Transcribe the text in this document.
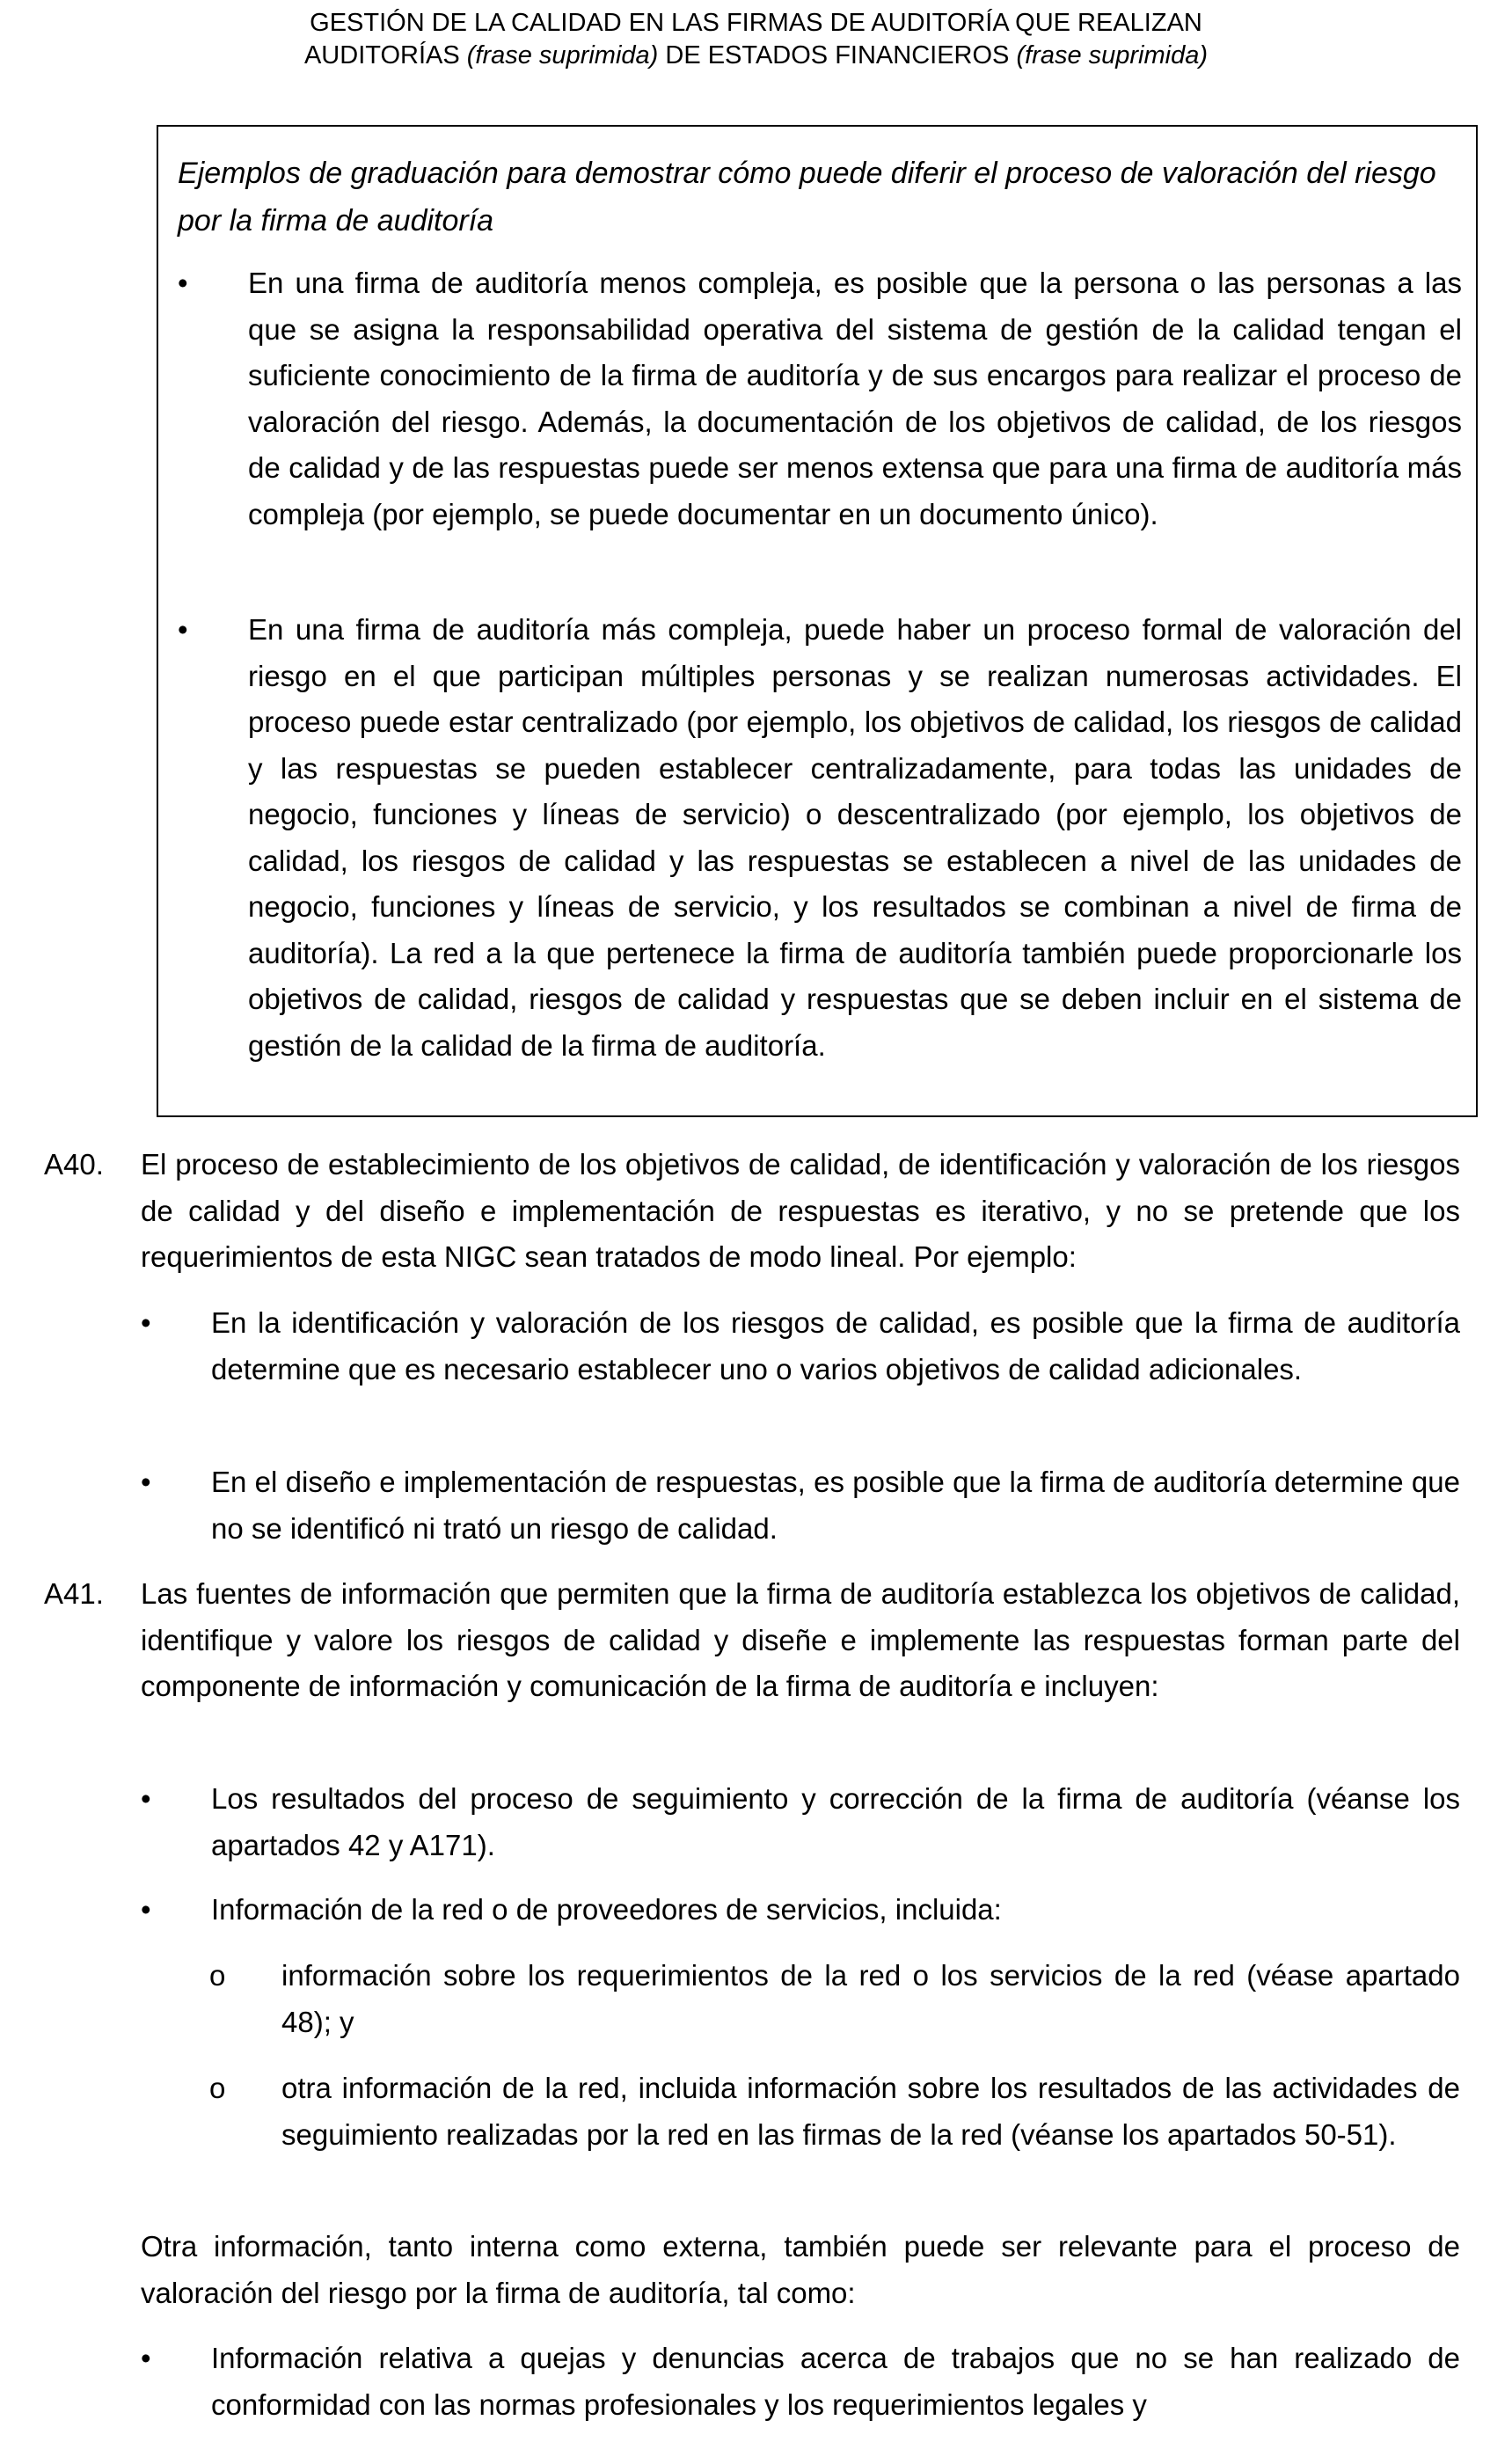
GESTIÓN DE LA CALIDAD EN LAS FIRMAS DE AUDITORÍA QUE REALIZAN
AUDITORÍAS (frase suprimida) DE ESTADOS FINANCIEROS (frase suprimida)
Ejemplos de graduación para demostrar cómo puede diferir el proceso de valoración del riesgo por la firma de auditoría
• En una firma de auditoría menos compleja, es posible que la persona o las personas a las que se asigna la responsabilidad operativa del sistema de gestión de la calidad tengan el suficiente conocimiento de la firma de auditoría y de sus encargos para realizar el proceso de valoración del riesgo. Además, la documentación de los objetivos de calidad, de los riesgos de calidad y de las respuestas puede ser menos extensa que para una firma de auditoría más compleja (por ejemplo, se puede documentar en un documento único).
• En una firma de auditoría más compleja, puede haber un proceso formal de valoración del riesgo en el que participan múltiples personas y se realizan numerosas actividades. El proceso puede estar centralizado (por ejemplo, los objetivos de calidad, los riesgos de calidad y las respuestas se pueden establecer centralizadamente, para todas las unidades de negocio, funciones y líneas de servicio) o descentralizado (por ejemplo, los objetivos de calidad, los riesgos de calidad y las respuestas se establecen a nivel de las unidades de negocio, funciones y líneas de servicio, y los resultados se combinan a nivel de firma de auditoría). La red a la que pertenece la firma de auditoría también puede proporcionarle los objetivos de calidad, riesgos de calidad y respuestas que se deben incluir en el sistema de gestión de la calidad de la firma de auditoría.
A40. El proceso de establecimiento de los objetivos de calidad, de identificación y valoración de los riesgos de calidad y del diseño e implementación de respuestas es iterativo, y no se pretende que los requerimientos de esta NIGC sean tratados de modo lineal. Por ejemplo:
• En la identificación y valoración de los riesgos de calidad, es posible que la firma de auditoría determine que es necesario establecer uno o varios objetivos de calidad adicionales.
• En el diseño e implementación de respuestas, es posible que la firma de auditoría determine que no se identificó ni trató un riesgo de calidad.
A41. Las fuentes de información que permiten que la firma de auditoría establezca los objetivos de calidad, identifique y valore los riesgos de calidad y diseñe e implemente las respuestas forman parte del componente de información y comunicación de la firma de auditoría e incluyen:
• Los resultados del proceso de seguimiento y corrección de la firma de auditoría (véanse los apartados 42 y A171).
• Información de la red o de proveedores de servicios, incluida:
o información sobre los requerimientos de la red o los servicios de la red (véase apartado 48); y
o otra información de la red, incluida información sobre los resultados de las actividades de seguimiento realizadas por la red en las firmas de la red (véanse los apartados 50-51).
Otra información, tanto interna como externa, también puede ser relevante para el proceso de valoración del riesgo por la firma de auditoría, tal como:
• Información relativa a quejas y denuncias acerca de trabajos que no se han realizado de conformidad con las normas profesionales y los requerimientos legales y
